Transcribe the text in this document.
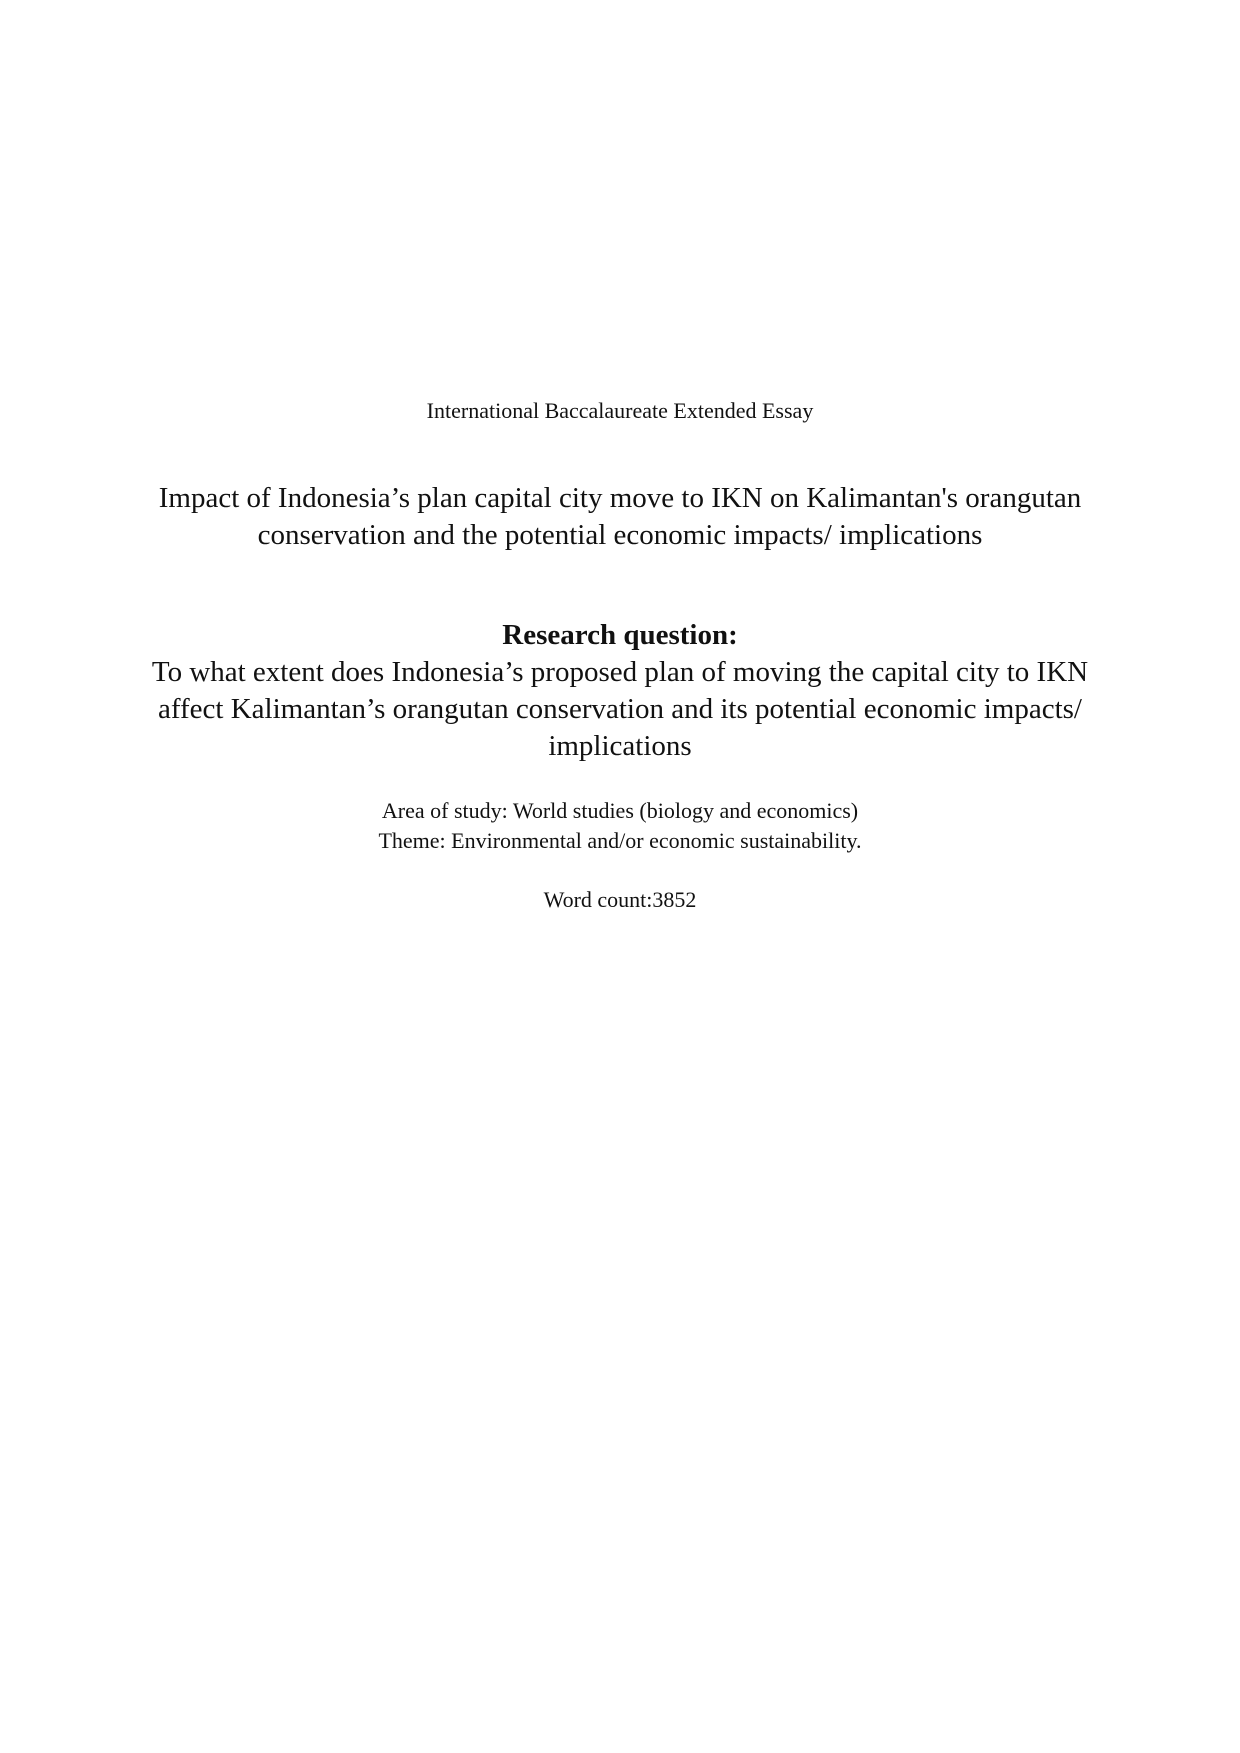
International Baccalaureate Extended Essay
Impact of Indonesia’s plan capital city move to IKN on Kalimantan's orangutan
conservation and the potential economic impacts/ implications
Research question:
To what extent does Indonesia’s proposed plan of moving the capital city to IKN
affect Kalimantan’s orangutan conservation and its potential economic impacts/
implications
Area of study: World studies (biology and economics)
Theme: Environmental and/or economic sustainability.
Word count:3852
